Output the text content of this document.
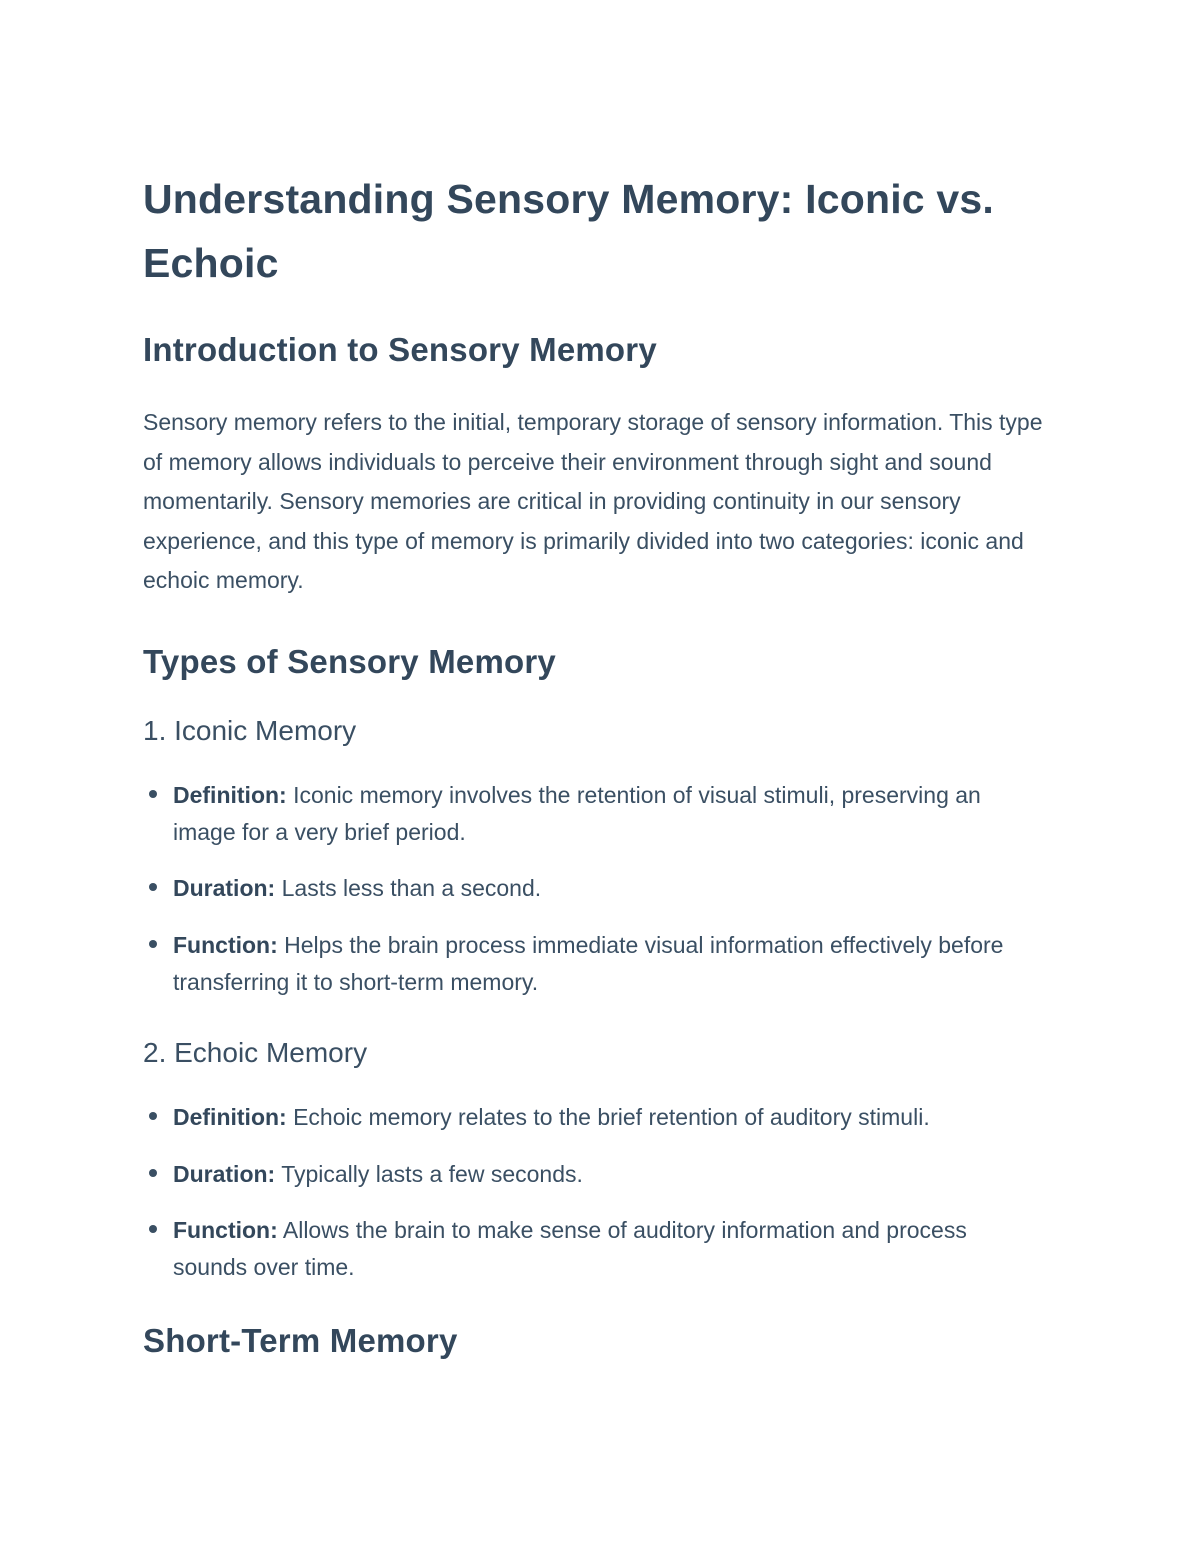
Understanding Sensory Memory: Iconic vs. Echoic
Introduction to Sensory Memory

Sensory memory refers to the initial, temporary storage of sensory information. This type of memory allows individuals to perceive their environment through sight and sound momentarily. Sensory memories are critical in providing continuity in our sensory experience, and this type of memory is primarily divided into two categories: iconic and echoic memory.

Types of Sensory Memory
1. Iconic Memory
Definition: Iconic memory involves the retention of visual stimuli, preserving an image for a very brief period.
Duration: Lasts less than a second.
Function: Helps the brain process immediate visual information effectively before transferring it to short-term memory.
2. Echoic Memory
Definition: Echoic memory relates to the brief retention of auditory stimuli.
Duration: Typically lasts a few seconds.
Function: Allows the brain to make sense of auditory information and process sounds over time.
Short-Term Memory
